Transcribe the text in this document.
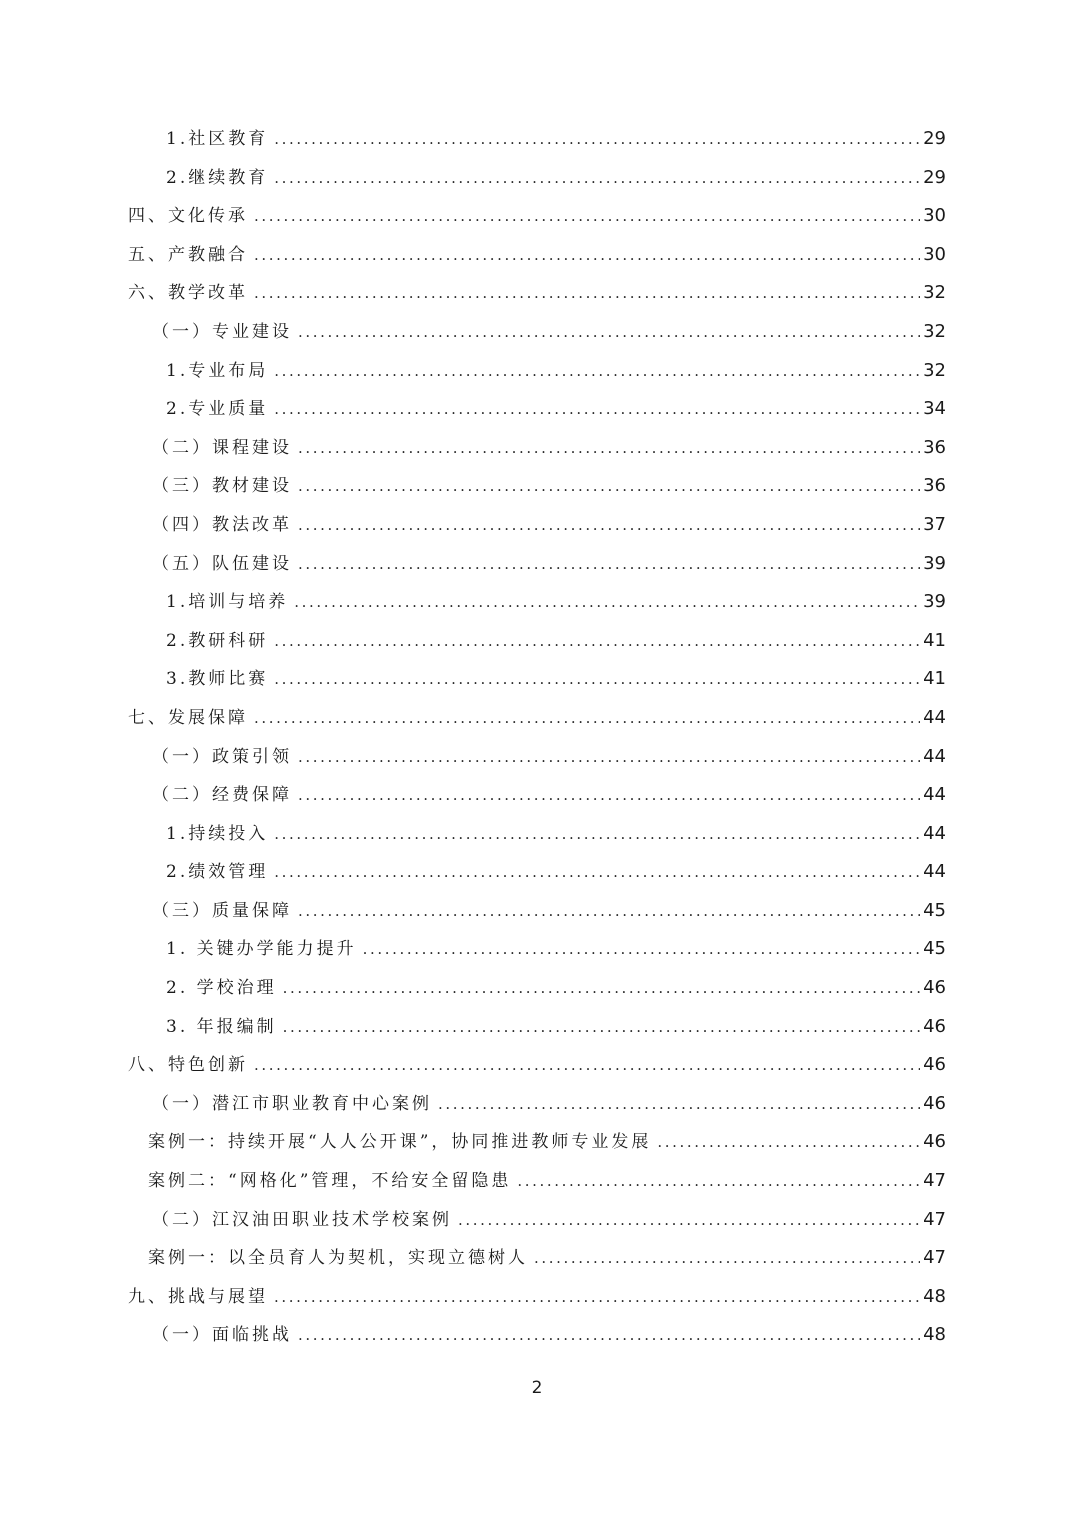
1.社区教育 .....	29
2.继续教育 .....	29
四、文化传承 .....	30
五、产教融合 .....	30
六、教学改革 .....	32
（一）专业建设 .....	32
1.专业布局 .....	32
2.专业质量 .....	34
（二）课程建设 .....	36
（三）教材建设 .....	36
（四）教法改革 .....	37
（五）队伍建设 .....	39
1.培训与培养 .....	39
2.教研科研 .....	41
3.教师比赛 .....	41
七、发展保障 .....	44
（一）政策引领 .....	44
（二）经费保障 .....	44
1.持续投入 .....	44
2.绩效管理 .....	44
（三）质量保障 .....	45
1. 关键办学能力提升 .....	45
2. 学校治理 .....	46
3. 年报编制 .....	46
八、特色创新 .....	46
（一）潜江市职业教育中心案例 .....	46
案例一：持续开展“人人公开课”，协同推进教师专业发展 .....	46
案例二：“网格化”管理，不给安全留隐患 .....	47
（二）江汉油田职业技术学校案例 .....	47
案例一：以全员育人为契机，实现立德树人 .....	47
九、挑战与展望 .....	48
（一）面临挑战 .....	48
2
